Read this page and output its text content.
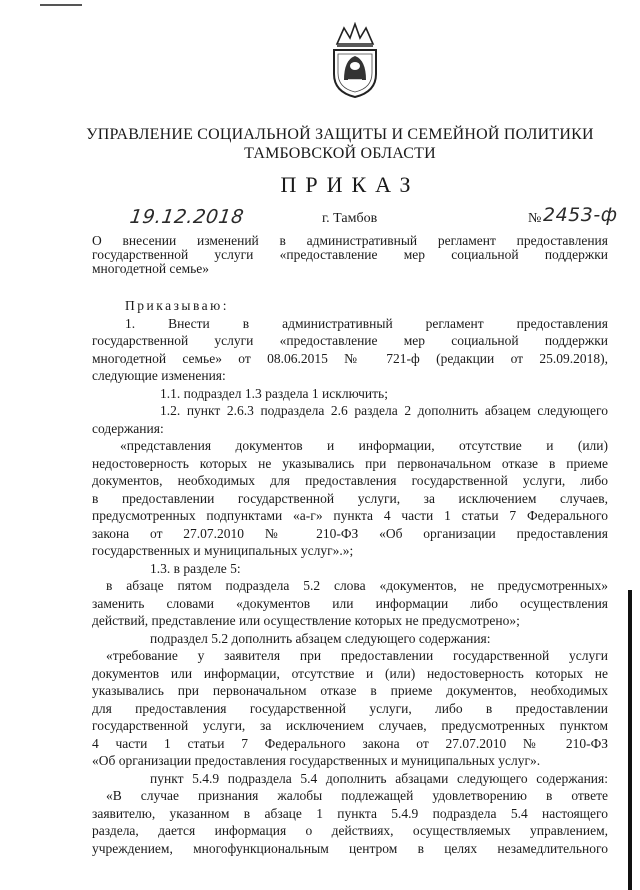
УПРАВЛЕНИЕ СОЦИАЛЬНОЙ ЗАЩИТЫ И СЕМЕЙНОЙ ПОЛИТИКИ
ТАМБОВСКОЙ ОБЛАСТИ
ПРИКАЗ
19.12.2018	г. Тамбов	№ 2453-ф

О внесении изменений в административный регламент предоставления

государственной услуги «предоставление мер социальной поддержки

многодетной семье»

Приказываю:

1. Внести в административный регламент предоставления

государственной услуги «предоставление мер социальной поддержки

многодетной семье» от 08.06.2015 № 721-ф (редакции от 25.09.2018),

следующие изменения:

1.1. подраздел 1.3 раздела 1 исключить;

1.2. пункт 2.6.3 подраздела 2.6 раздела 2 дополнить абзацем следующего

содержания:

«представления документов и информации, отсутствие и (или)

недостоверность которых не указывались при первоначальном отказе в приеме

документов, необходимых для предоставления государственной услуги, либо

в предоставлении государственной услуги, за исключением случаев,

предусмотренных подпунктами «а-г» пункта 4 части 1 статьи 7 Федерального

закона от 27.07.2010 № 210-ФЗ «Об организации предоставления

государственных и муниципальных услуг».»;

1.3. в разделе 5:

в абзаце пятом подраздела 5.2 слова «документов, не предусмотренных»

заменить словами «документов или информации либо осуществления

действий, представление или осуществление которых не предусмотрено»;

подраздел 5.2 дополнить абзацем следующего содержания:

«требование у заявителя при предоставлении государственной услуги

документов или информации, отсутствие и (или) недостоверность которых не

указывались при первоначальном отказе в приеме документов, необходимых

для предоставления государственной услуги, либо в предоставлении

государственной услуги, за исключением случаев, предусмотренных пунктом

4 части 1 статьи 7 Федерального закона от 27.07.2010 № 210-ФЗ

«Об организации предоставления государственных и муниципальных услуг».

пункт 5.4.9 подраздела 5.4 дополнить абзацами следующего содержания:

«В случае признания жалобы подлежащей удовлетворению в ответе

заявителю, указанном в абзаце 1 пункта 5.4.9 подраздела 5.4 настоящего

раздела, дается информация о действиях, осуществляемых управлением,

учреждением, многофункциональным центром в целях незамедлительного
